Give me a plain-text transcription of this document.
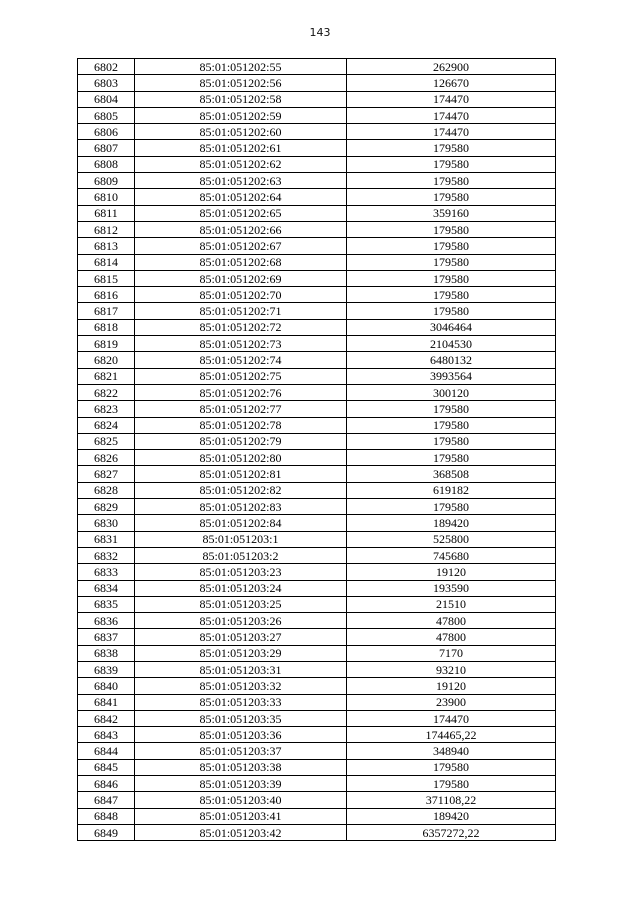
143
6802	85:01:051202:55	262900
6803	85:01:051202:56	126670
6804	85:01:051202:58	174470
6805	85:01:051202:59	174470
6806	85:01:051202:60	174470
6807	85:01:051202:61	179580
6808	85:01:051202:62	179580
6809	85:01:051202:63	179580
6810	85:01:051202:64	179580
6811	85:01:051202:65	359160
6812	85:01:051202:66	179580
6813	85:01:051202:67	179580
6814	85:01:051202:68	179580
6815	85:01:051202:69	179580
6816	85:01:051202:70	179580
6817	85:01:051202:71	179580
6818	85:01:051202:72	3046464
6819	85:01:051202:73	2104530
6820	85:01:051202:74	6480132
6821	85:01:051202:75	3993564
6822	85:01:051202:76	300120
6823	85:01:051202:77	179580
6824	85:01:051202:78	179580
6825	85:01:051202:79	179580
6826	85:01:051202:80	179580
6827	85:01:051202:81	368508
6828	85:01:051202:82	619182
6829	85:01:051202:83	179580
6830	85:01:051202:84	189420
6831	85:01:051203:1	525800
6832	85:01:051203:2	745680
6833	85:01:051203:23	19120
6834	85:01:051203:24	193590
6835	85:01:051203:25	21510
6836	85:01:051203:26	47800
6837	85:01:051203:27	47800
6838	85:01:051203:29	7170
6839	85:01:051203:31	93210
6840	85:01:051203:32	19120
6841	85:01:051203:33	23900
6842	85:01:051203:35	174470
6843	85:01:051203:36	174465,22
6844	85:01:051203:37	348940
6845	85:01:051203:38	179580
6846	85:01:051203:39	179580
6847	85:01:051203:40	371108,22
6848	85:01:051203:41	189420
6849	85:01:051203:42	6357272,22
